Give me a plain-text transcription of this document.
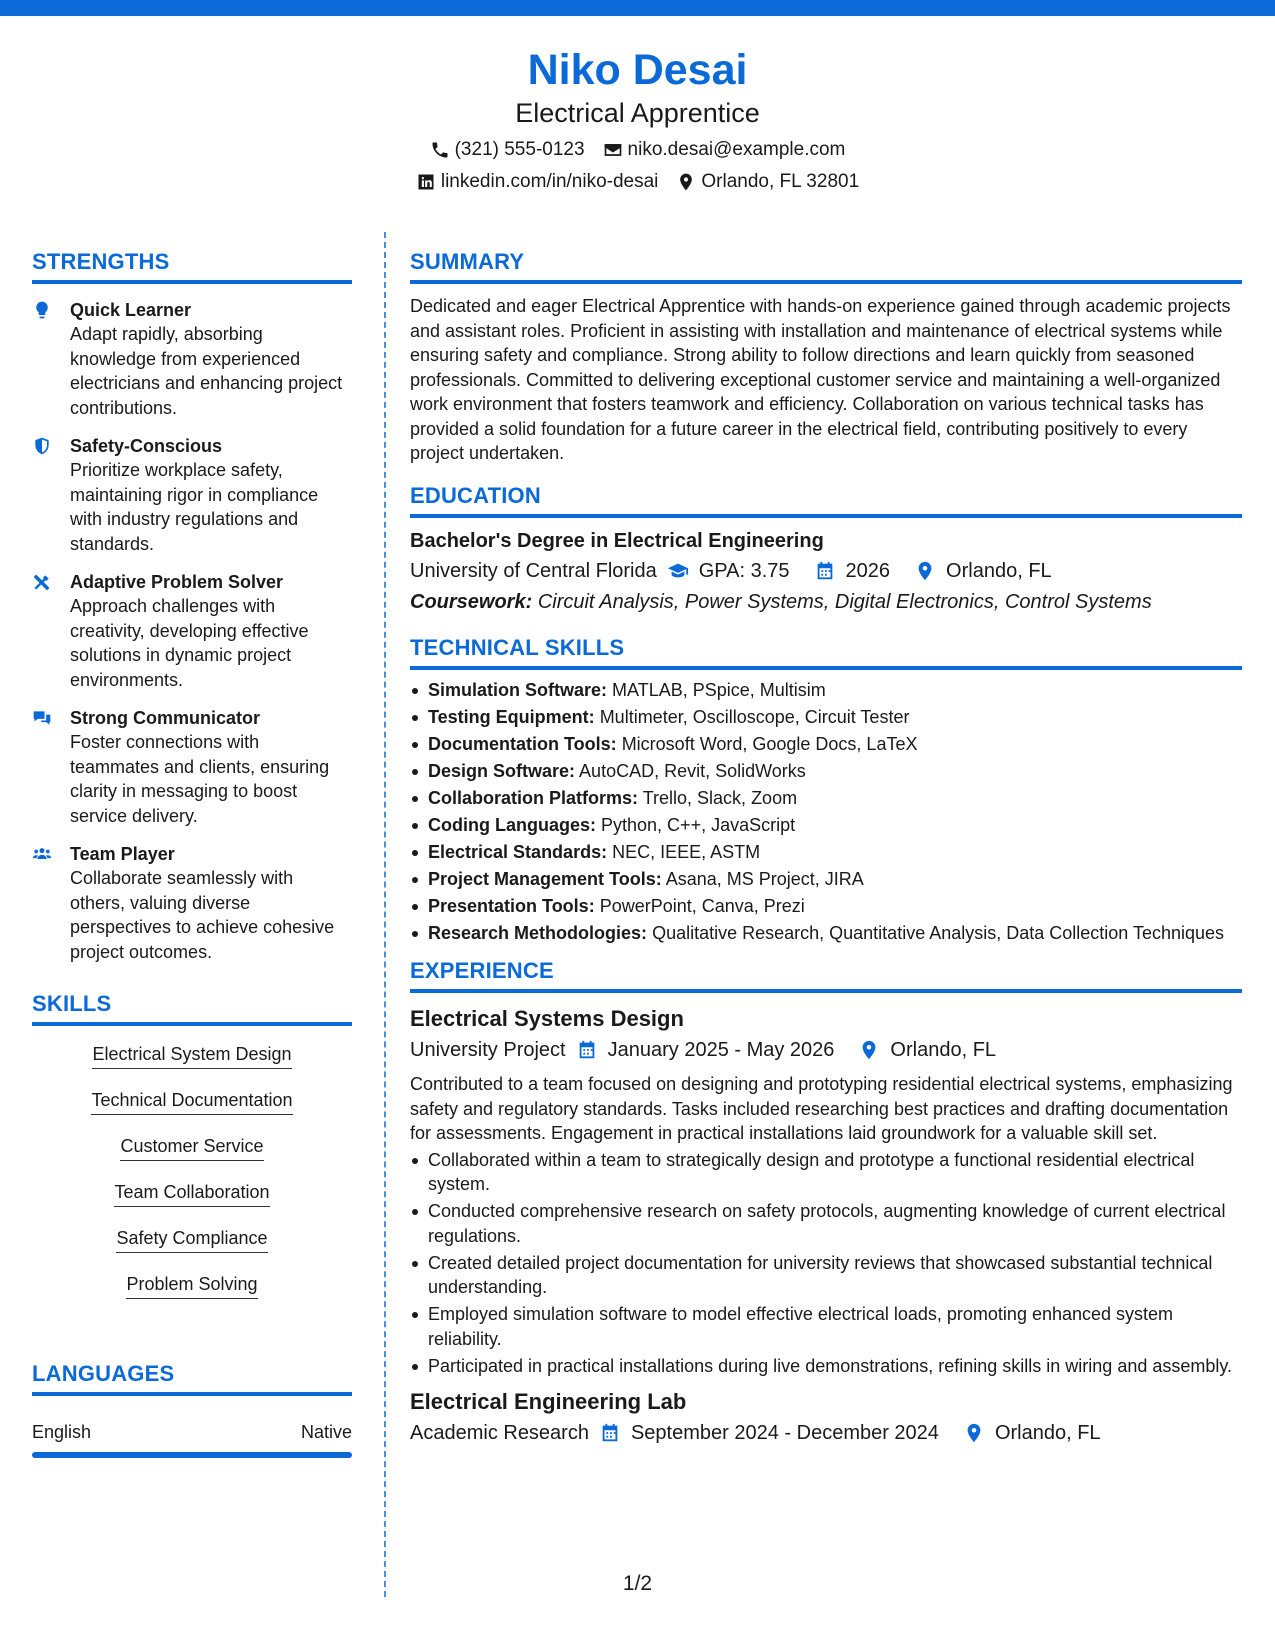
Niko Desai
Electrical Apprentice
(321) 555-0123 niko.desai@example.com
linkedin.com/in/niko-desai Orlando, FL 32801
STRENGTHS
Quick Learner
Adapt rapidly, absorbing knowledge from experienced electricians and enhancing project contributions.
Safety-Conscious
Prioritize workplace safety, maintaining rigor in compliance with industry regulations and standards.
Adaptive Problem Solver
Approach challenges with creativity, developing effective solutions in dynamic project environments.
Strong Communicator
Foster connections with teammates and clients, ensuring clarity in messaging to boost service delivery.
Team Player
Collaborate seamlessly with others, valuing diverse perspectives to achieve cohesive project outcomes.
SKILLS
Electrical System Design
Technical Documentation
Customer Service
Team Collaboration
Safety Compliance
Problem Solving
LANGUAGES
English	Native
SUMMARY
Dedicated and eager Electrical Apprentice with hands-on experience gained through academic projects and assistant roles. Proficient in assisting with installation and maintenance of electrical systems while ensuring safety and compliance. Strong ability to follow directions and learn quickly from seasoned professionals. Committed to delivering exceptional customer service and maintaining a well-organized work environment that fosters teamwork and efficiency. Collaboration on various technical tasks has provided a solid foundation for a future career in the electrical field, contributing positively to every project undertaken.
EDUCATION
Bachelor's Degree in Electrical Engineering
University of Central Florida GPA: 3.75	2026	Orlando, FL
Coursework: Circuit Analysis, Power Systems, Digital Electronics, Control Systems
TECHNICAL SKILLS
Simulation Software: MATLAB, PSpice, Multisim
Testing Equipment: Multimeter, Oscilloscope, Circuit Tester
Documentation Tools: Microsoft Word, Google Docs, LaTeX
Design Software: AutoCAD, Revit, SolidWorks
Collaboration Platforms: Trello, Slack, Zoom
Coding Languages: Python, C++, JavaScript
Electrical Standards: NEC, IEEE, ASTM
Project Management Tools: Asana, MS Project, JIRA
Presentation Tools: PowerPoint, Canva, Prezi
Research Methodologies: Qualitative Research, Quantitative Analysis, Data Collection Techniques
EXPERIENCE
Electrical Systems Design
University Project January 2025 - May 2026	Orlando, FL
Contributed to a team focused on designing and prototyping residential electrical systems, emphasizing safety and regulatory standards. Tasks included researching best practices and drafting documentation for assessments. Engagement in practical installations laid groundwork for a valuable skill set.
Collaborated within a team to strategically design and prototype a functional residential electrical system.
Conducted comprehensive research on safety protocols, augmenting knowledge of current electrical regulations.
Created detailed project documentation for university reviews that showcased substantial technical understanding.
Employed simulation software to model effective electrical loads, promoting enhanced system reliability.
Participated in practical installations during live demonstrations, refining skills in wiring and assembly.
Electrical Engineering Lab
Academic Research September 2024 - December 2024	Orlando, FL
1/2
